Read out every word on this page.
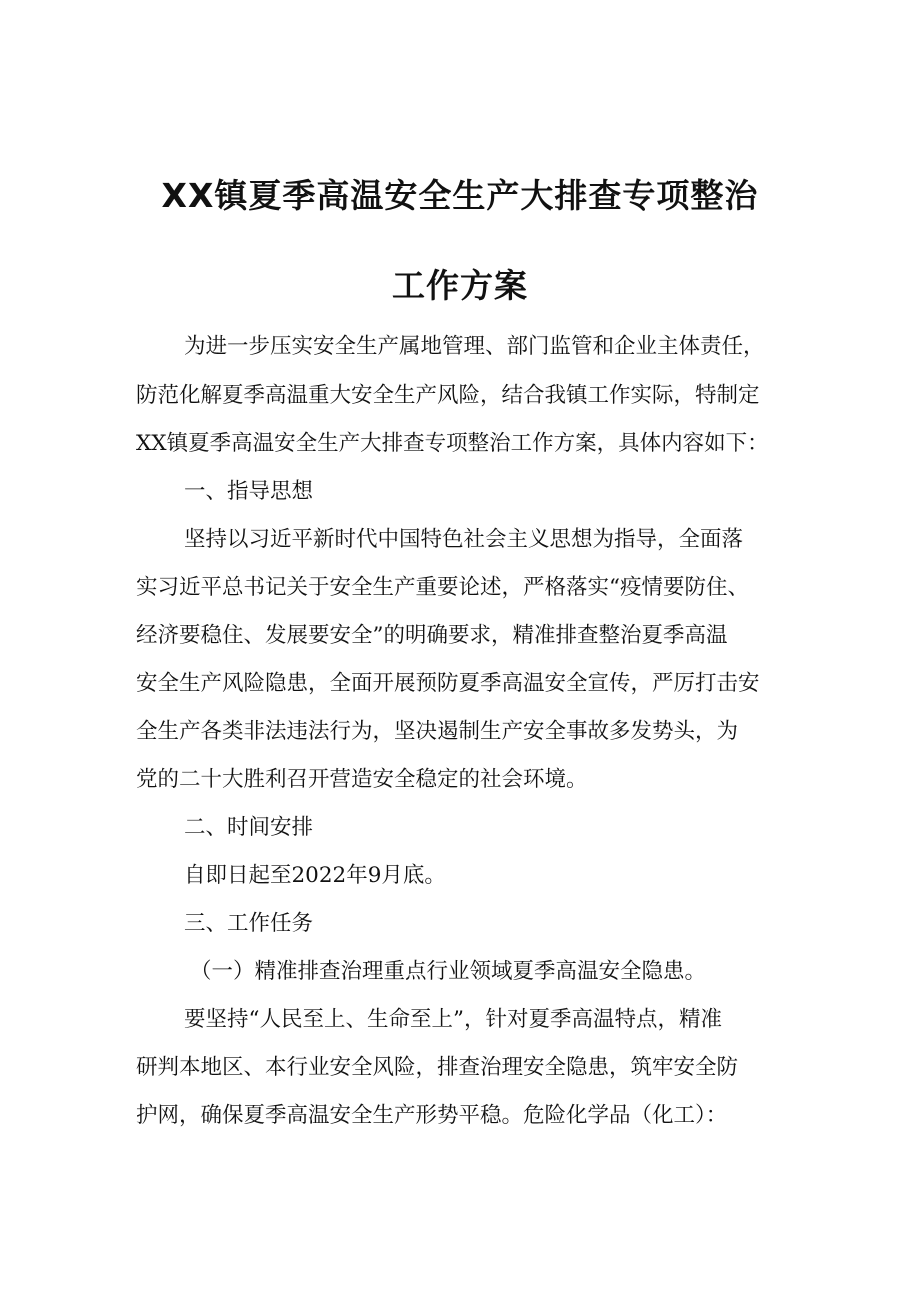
XX镇夏季高温安全生产大排查专项整治
工作方案

为进一步压实安全生产属地管理、部门监管和企业主体责任，

防范化解夏季高温重大安全生产风险，结合我镇工作实际，特制定

XX镇夏季高温安全生产大排查专项整治工作方案，具体内容如下：

一、指导思想

坚持以习近平新时代中国特色社会主义思想为指导，全面落

实习近平总书记关于安全生产重要论述，严格落实“疫情要防住、

经济要稳住、发展要安全”的明确要求，精准排查整治夏季高温

安全生产风险隐患，全面开展预防夏季高温安全宣传，严厉打击安

全生产各类非法违法行为，坚决遏制生产安全事故多发势头，为

党的二十大胜利召开营造安全稳定的社会环境。

二、时间安排

自即日起至2022年9月底。

三、工作任务

（一）精准排查治理重点行业领域夏季高温安全隐患。

要坚持“人民至上、生命至上”，针对夏季高温特点，精准

研判本地区、本行业安全风险，排查治理安全隐患，筑牢安全防

护网，确保夏季高温安全生产形势平稳。危险化学品（化工）：
